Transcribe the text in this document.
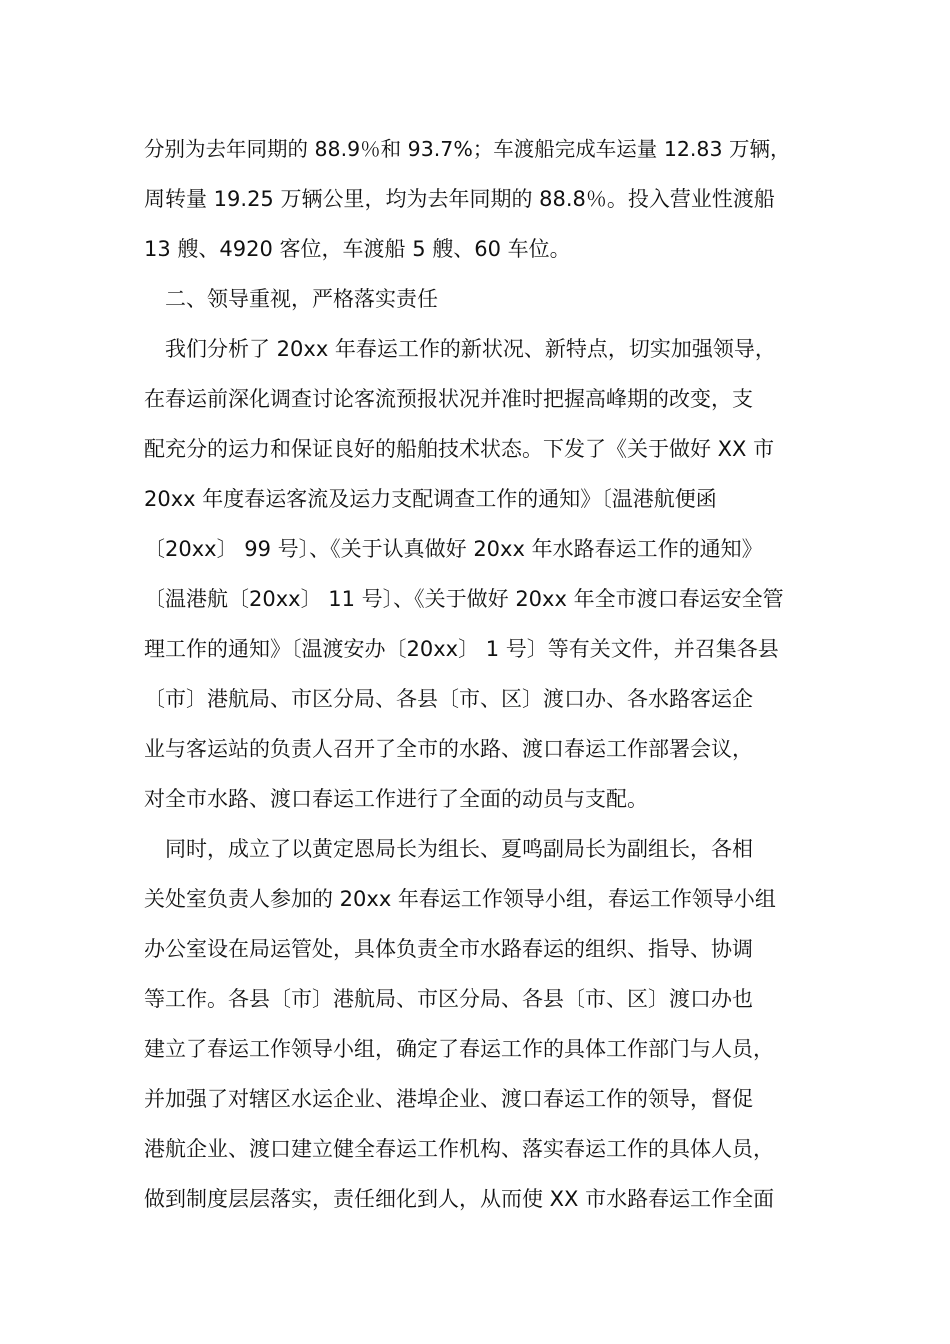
分别为去年同期的 88.9％和 93.7%；车渡船完成车运量 12.83 万辆，
周转量 19.25 万辆公里，均为去年同期的 88.8％。投入营业性渡船
13 艘、4920 客位，车渡船 5 艘、60 车位。
二、领导重视，严格落实责任
我们分析了 20xx 年春运工作的新状况、新特点，切实加强领导，
在春运前深化调查讨论客流预报状况并准时把握高峰期的改变，支
配充分的运力和保证良好的船舶技术状态。下发了《关于做好 XX 市
20xx 年度春运客流及运力支配调查工作的通知》〔温港航便函
〔20xx〕 99 号〕、《关于认真做好 20xx 年水路春运工作的通知》
〔温港航〔20xx〕 11 号〕、《关于做好 20xx 年全市渡口春运安全管
理工作的通知》〔温渡安办〔20xx〕 1 号〕等有关文件，并召集各县
〔市〕港航局、市区分局、各县〔市、区〕渡口办、各水路客运企
业与客运站的负责人召开了全市的水路、渡口春运工作部署会议，
对全市水路、渡口春运工作进行了全面的动员与支配。
同时，成立了以黄定恩局长为组长、夏鸣副局长为副组长，各相
关处室负责人参加的 20xx 年春运工作领导小组，春运工作领导小组
办公室设在局运管处，具体负责全市水路春运的组织、指导、协调
等工作。各县〔市〕港航局、市区分局、各县〔市、区〕渡口办也
建立了春运工作领导小组，确定了春运工作的具体工作部门与人员，
并加强了对辖区水运企业、港埠企业、渡口春运工作的领导，督促
港航企业、渡口建立健全春运工作机构、落实春运工作的具体人员，
做到制度层层落实，责任细化到人，从而使 XX 市水路春运工作全面
